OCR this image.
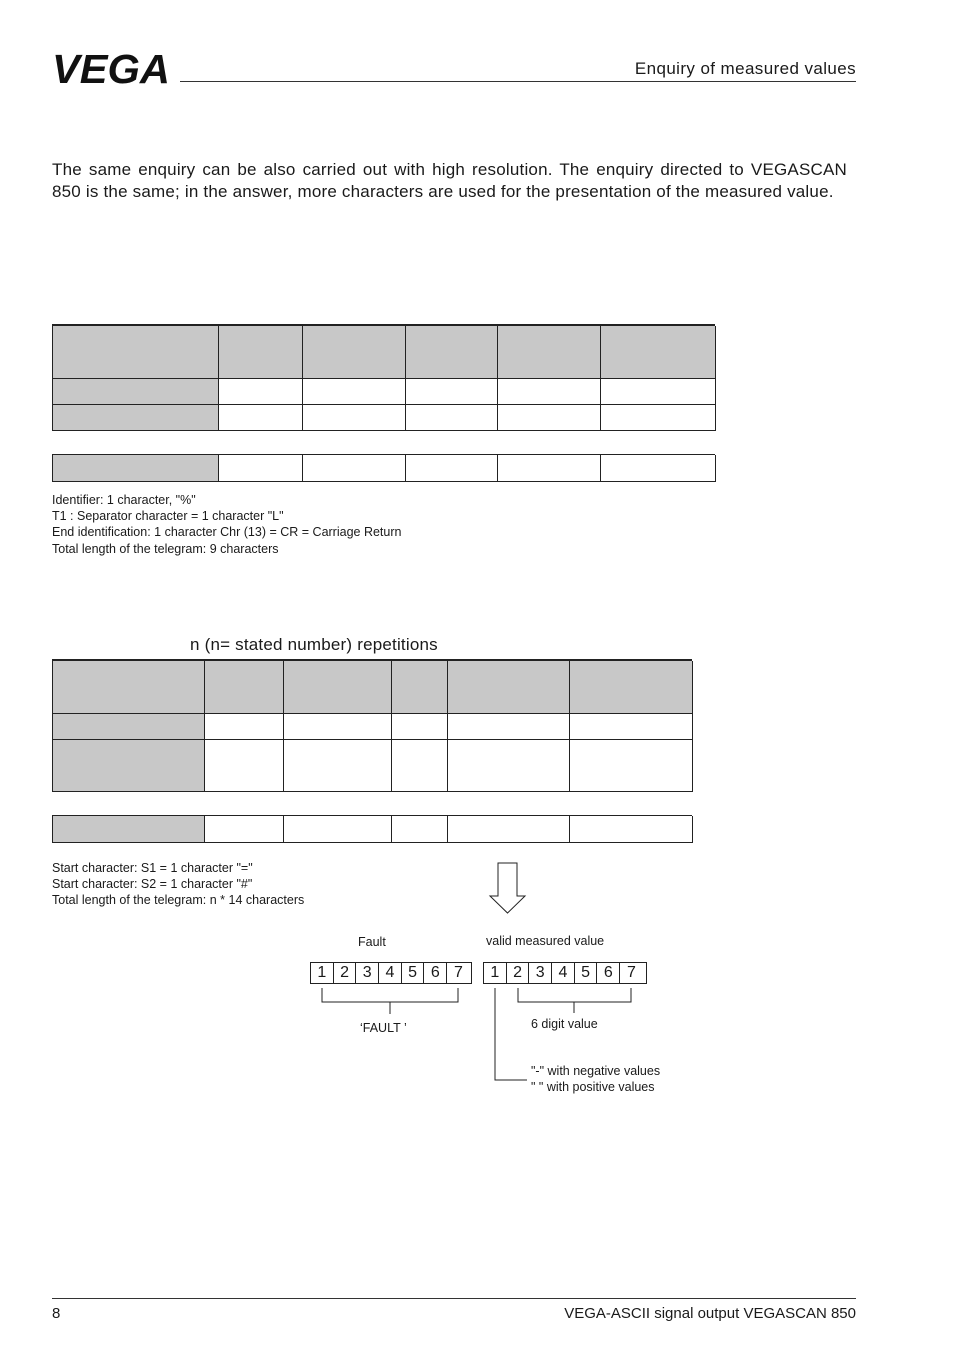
VEGA	Enquiry of measured values
The same enquiry can be also carried out with high resolution. The enquiry directed to VEGASCAN 850 is the same; in the answer, more characters are used for the presentation of the measured value.
Identifier: 1 character, "%"
T1 : Separator character = 1 character "L"
End identification: 1 character Chr (13) = CR = Carriage Return
Total length of the telegram: 9 characters
n (n= stated number) repetitions
Start character: S1 = 1 character "="
Start character: S2 = 1 character "#"
Total length of the telegram: n * 14 characters
Fault	valid measured value
1 2 3 4 5 6 7	1 2 3 4 5 6 7
‘FAULT ’	6 digit value
"-" with negative values
" " with positive values
8	VEGA-ASCII signal output VEGASCAN 850
